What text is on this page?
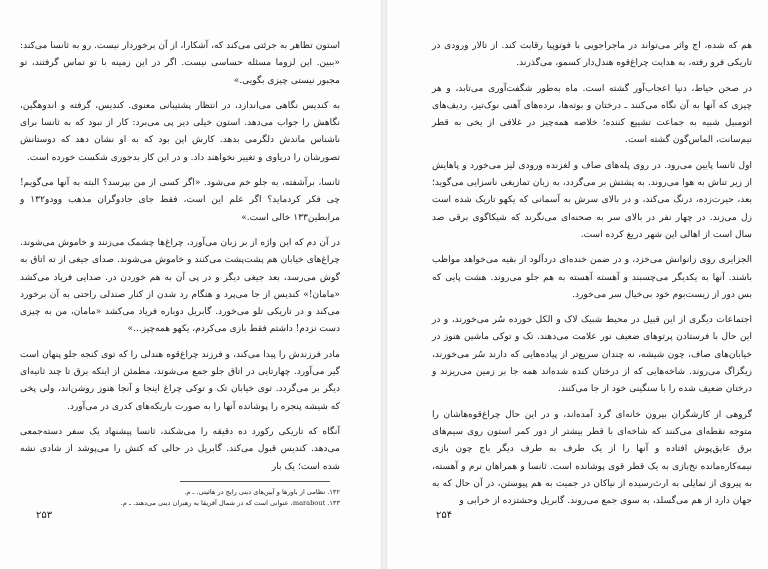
استون تظاهر به جرئتی می‌کند که، آشکارا، از آن برخوردار نیست. رو به ثانسا می‌کند: «ببین. این لزوما مسئله حساسی نیست. اگر در این زمینه با تو تماس گرفتند، تو مجبور نیستی چیزی بگویی.»

به کندیس نگاهی می‌اندازد، در انتظار پشتیبانی معنوی. کندیس، گرفته و اندوهگین، نگاهش را جواب می‌دهد. استون خیلی دیر پی می‌برد: کار از نبود که به ثانسا برای ناشناس ماندش دلگرمی بدهد. کارش این بود که به او نشان دهد که دوستانش تصورشان را دریاوی و تغییر نخواهند داد. و در این کار بدجوری شکست خورده است.

ثانسا، برآشفته، به جلو خم می‌شود. «اگر کسی از من بپرسد؟ البته به آنها می‌گویم! چی فکر کردماید؟ اگر علم این است، فقط جای جادوگران مذهب وودو۱۳۲ و مرابطین۱۳۳ خالی است.»

در آن دم که این واژه از بر زبان می‌آورد، چراغ‌ها چشمک می‌زنند و خاموش می‌شوند. چراغ‌های خیابان هم پشت‌پشت می‌کنند و خاموش می‌شوند. صدای جیغی از ته اتاق به گوش می‌رسد، بعد جیغی دیگر و در پی آن به هم خوردن در. صدایی فریاد می‌کشد «مامان!» کندیس از جا می‌پرد و هنگام رد شدن از کنار صندلی راحتی به آن برخورد می‌کند و در تاریکی تلو می‌خورد. گابریل دوباره فریاد می‌کشد «مامان، من به چیزی دست نزدم! داشتم فقط بازی می‌کردم، یکهو همه‌چیز...»

مادر فرزندش را پیدا می‌کند، و فرزند چراغ‌قوه هندلی را که توی کنجه جلو پنهان است گیر می‌آورد. چهارتایی در اتاق جلو جمع می‌شوند، مطمئن از اینکه برق تا چند ثانیه‌ای دیگر بر می‌گردد. توی خیابان تک و توکی چراغ اینجا و آنجا هنوز روشن‌اند، ولی پخی که شیشه پنجره را پوشانده آنها را به صورت باریکه‌های کدری در می‌آورد.

آنگاه که تاریکی رکورد ده دقیقه را می‌شکند، ثانسا پیشنهاد یک سفر دسته‌جمعی می‌دهد. کندیس قبول می‌کند. گابریل در حالی که کتش را می‌پوشد از شادی نشه شده است؛ یک بار

۱۳۲. نظامی از باورها و آیین‌های دینی رایج در هائیتی. ـ م.
۱۳۳. marabout، عنوانی است که در شمال آفریقا به رهبران دینی می‌دهند. ـ م.
۲۵۳

هم که شده، اج واثر می‌تواند در ماجراجویی با فوتوپیا رقابت کند. از تالار ورودی در تاریکی فرو رفته، به هدایت چراغ‌قوه هندل‌دار کسمو، می‌گذرند.

در صحن حیاط، دنیا اعجاب‌آور گشته است. ماه به‌طور شگفت‌آوری می‌تابد، و هر چیزی که آنها به آن نگاه می‌کنند ـ درختان و بوته‌ها، نرده‌های آهنی نوک‌تیز، ردیف‌های اتومبیل شبیه به جماعت تشییع کننده؛ خلاصه همه‌چیز در غلافی از یخی به قطر نیم‌سانت، الماس‌گون گشته است.

اول ثانسا پایین می‌رود. در روی پله‌های صاف و لغزنده ورودی لیز می‌خورد و پاهایش از زیر تناش به هوا می‌روند. به پشتش بر می‌گردد، به زبان تمازیغی ناسزایی می‌گوید؛ بعد، حیرت‌زده، درنگ می‌کند، و در بالای سرش به آسمانی که یکهو تاریک شده است زل می‌زند. در چهار نفر در بالای سر به صحنه‌ای می‌نگرند که شیکاگوی برقی صد سال است از اهالی این شهر دریغ کرده است.

الجزایری روی زانوانش می‌خزد، و در ضمن خنده‌ای درد‌آلود از بقیه می‌خواهد مواظب باشند. آنها به یکدیگر می‌چسبند و آهسته آهسته به هم جلو می‌روند. هشت پایی که بس دور از زیست‌بوم خود بی‌خیال سر می‌خورد.

اجتماعات دیگری از این قبیل در محیط شبیک لاک و الکل خورده سُر می‌خورند، و در این حال با فرستادن پرتوهای ضعیف نور علامت می‌دهند. تک و توکی ماشین هنوز در خیابان‌های صاف، چون شیشه، نه چندان سریع‌تر از پیاده‌هایی که دارند سُر می‌خورند، زیگزاگ می‌روند. شاخه‌هایی که از درختان کنده شده‌اند همه جا بر زمین می‌ریزند و درختان ضعیف شده را با سنگینی خود از جا می‌کنند.

گروهی از کارشگران بیرون خانه‌ای گرد آمده‌اند، و در این حال چراغ‌قوه‌هاشان را متوجه نقطه‌ای می‌کنند که شاخه‌ای با قطر بیشتر از دور کمر استون روی سیم‌های برق عایق‌پوش افتاده و آنها را از یک طرف به طرف دیگر باج چون بازی نیمه‌کاره‌مانده نخ‌بازی به یک قطر قوی پوشانده است. ثانسا و همراهان نرم و آهسته، به پیروی از تمایلی به ارث‌رسیده از نیاکان در جمیت به هم پیوستن، در آن حال که به جهان دارد از هم می‌گسلد، به سوی جمع می‌روند. گابریل وحشتزده از خرابی و

۲۵۴
